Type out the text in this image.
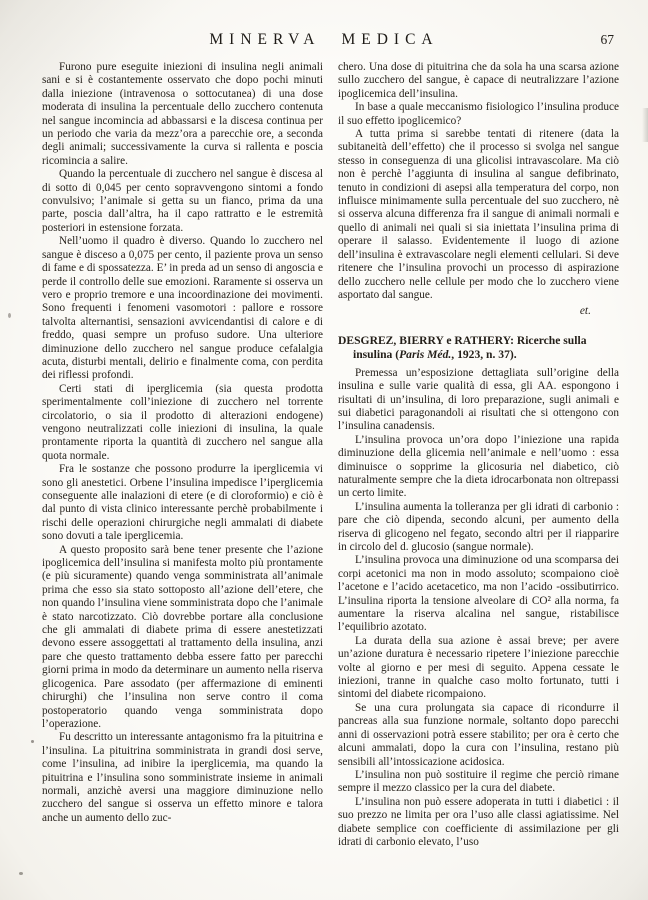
MINERVA MEDICA	67

Furono pure eseguite iniezioni di insulina negli animali sani e si è costantemente osservato che dopo pochi minuti dalla iniezione (intravenosa o sottocutanea) di una dose moderata di insulina la percentuale dello zucchero contenuta nel sangue incomincia ad abbassarsi e la discesa continua per un periodo che varia da mezz’ora a parecchie ore, a seconda degli animali; successivamente la curva si rallenta e poscia ricomincia a salire.

Quando la percentuale di zucchero nel sangue è discesa al di sotto di 0,045 per cento sopravvengono sintomi a fondo convulsivo; l’animale si getta su un fianco, prima da una parte, poscia dall’altra, ha il capo rattratto e le estremità posteriori in estensione forzata.

Nell’uomo il quadro è diverso. Quando lo zucchero nel sangue è disceso a 0,075 per cento, il paziente prova un senso di fame e di spossatezza. E’ in preda ad un senso di angoscia e perde il controllo delle sue emozioni. Raramente si osserva un vero e proprio tremore e una incoordinazione dei movimenti. Sono frequenti i fenomeni vasomotori : pallore e rossore talvolta alternantisi, sensazioni avvicendantisi di calore e di freddo, quasi sempre un profuso sudore. Una ulteriore diminuzione dello zucchero nel sangue produce cefalalgia acuta, disturbi mentali, delirio e finalmente coma, con perdita dei riflessi profondi.

Certi stati di iperglicemia (sia questa prodotta sperimentalmente coll’iniezione di zucchero nel torrente circolatorio, o sia il prodotto di alterazioni endogene) vengono neutralizzati colle iniezioni di insulina, la quale prontamente riporta la quantità di zucchero nel sangue alla quota normale.

Fra le sostanze che possono produrre la iperglicemia vi sono gli anestetici. Orbene l’insulina impedisce l’iperglicemia conseguente alle inalazioni di etere (e di cloroformio) e ciò è dal punto di vista clinico interessante perchè probabilmente i rischi delle operazioni chirurgiche negli ammalati di diabete sono dovuti a tale iperglicemia.

A questo proposito sarà bene tener presente che l’azione ipoglicemica dell’insulina si manifesta molto più prontamente (e più sicuramente) quando venga somministrata all’animale prima che esso sia stato sottoposto all’azione dell’etere, che non quando l’insulina viene somministrata dopo che l’animale è stato narcotizzato. Ciò dovrebbe portare alla conclusione che gli ammalati di diabete prima di essere anestetizzati devono essere assoggettati al trattamento della insulina, anzi pare che questo trattamento debba essere fatto per parecchi giorni prima in modo da determinare un aumento nella riserva glicogenica. Pare assodato (per affermazione di eminenti chirurghi) che l’insulina non serve contro il coma postoperatorio quando venga somministrata dopo l’operazione.

Fu descritto un interessante antagonismo fra la pituitrina e l’insulina. La pituitrina somministrata in grandi dosi serve, come l’insulina, ad inibire la iperglicemia, ma quando la pituitrina e l’insulina sono somministrate insieme in animali normali, anzichè aversi una maggiore diminuzione nello zucchero del sangue si osserva un effetto minore e talora anche un aumento dello zuc-

chero. Una dose di pituitrina che da sola ha una scarsa azione sullo zucchero del sangue, è capace di neutralizzare l’azione ipoglicemica dell’insulina.

In base a quale meccanismo fisiologico l’insulina produce il suo effetto ipoglicemico?

A tutta prima si sarebbe tentati di ritenere (data la subitaneità dell’effetto) che il processo si svolga nel sangue stesso in conseguenza di una glicolisi intravascolare. Ma ciò non è perchè l’aggiunta di insulina al sangue defibrinato, tenuto in condizioni di asepsi alla temperatura del corpo, non influisce minimamente sulla percentuale del suo zucchero, nè si osserva alcuna differenza fra il sangue di animali normali e quello di animali nei quali si sia iniettata l’insulina prima di operare il salasso. Evidentemente il luogo di azione dell’insulina è extravascolare negli elementi cellulari. Si deve ritenere che l’insulina provochi un processo di aspirazione dello zucchero nelle cellule per modo che lo zucchero viene asportato dal sangue.

et.

DESGREZ, BIERRY e RATHERY: Ricerche sulla insulina (Paris Méd., 1923, n. 37).

Premessa un’esposizione dettagliata sull’origine della insulina e sulle varie qualità di essa, gli AA. espongono i risultati di un’insulina, di loro preparazione, sugli animali e sui diabetici paragonandoli ai risultati che si ottengono con l’insulina canadensis.

L’insulina provoca un’ora dopo l’iniezione una rapida diminuzione della glicemia nell’animale e nell’uomo : essa diminuisce o sopprime la glicosuria nel diabetico, ciò naturalmente sempre che la dieta idrocarbonata non oltrepassi un certo limite.

L’insulina aumenta la tolleranza per gli idrati di carbonio : pare che ciò dipenda, secondo alcuni, per aumento della riserva di glicogeno nel fegato, secondo altri per il riapparire in circolo del d. glucosio (sangue normale).

L’insulina provoca una diminuzione od una scomparsa dei corpi acetonici ma non in modo assoluto; scompaiono cioè l’acetone e l’acido acetacetico, ma non l’acido -ossibutirrico. L’insulina riporta la tensione alveolare di CO² alla norma, fa aumentare la riserva alcalina nel sangue, ristabilisce l’equilibrio azotato.

La durata della sua azione è assai breve; per avere un’azione duratura è necessario ripetere l’iniezione parecchie volte al giorno e per mesi di seguito. Appena cessate le iniezioni, tranne in qualche caso molto fortunato, tutti i sintomi del diabete ricompaiono.

Se una cura prolungata sia capace di ricondurre il pancreas alla sua funzione normale, soltanto dopo parecchi anni di osservazioni potrà essere stabilito; per ora è certo che alcuni ammalati, dopo la cura con l’insulina, restano più sensibili all’intossicazione acidosica.

L’insulina non può sostituire il regime che perciò rimane sempre il mezzo classico per la cura del diabete.

L’insulina non può essere adoperata in tutti i diabetici : il suo prezzo ne limita per ora l’uso alle classi agiatissime. Nel diabete semplice con coefficiente di assimilazione per gli idrati di carbonio elevato, l’uso
